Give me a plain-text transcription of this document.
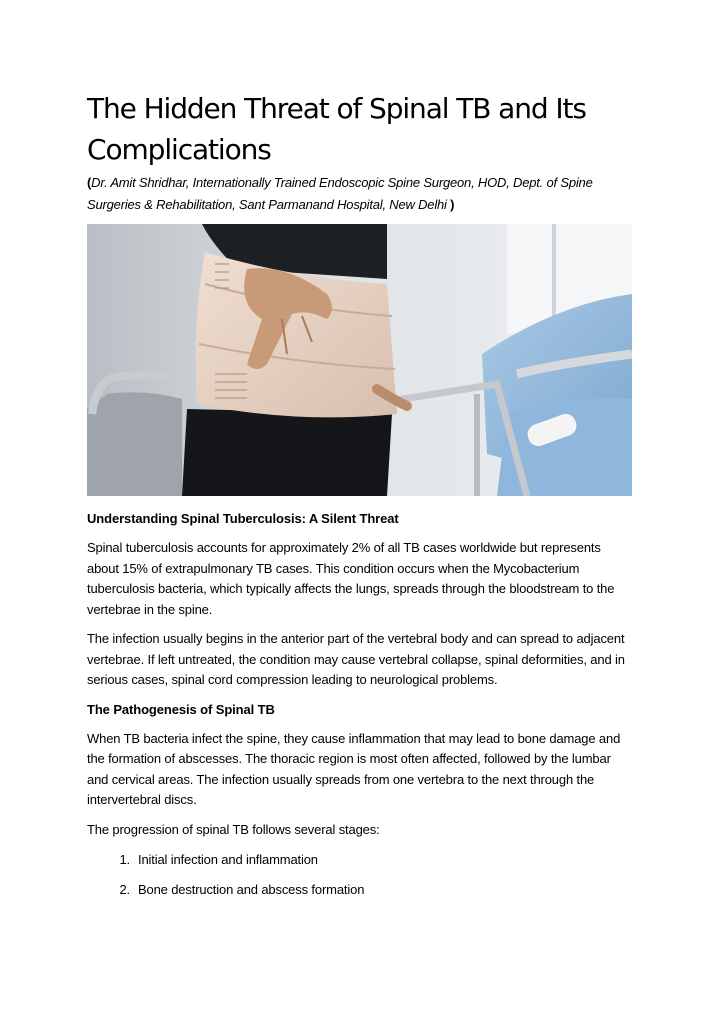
The Hidden Threat of Spinal TB and Its Complications

(Dr. Amit Shridhar, Internationally Trained Endoscopic Spine Surgeon, HOD, Dept. of Spine Surgeries & Rehabilitation, Sant Parmanand Hospital, New Delhi )

Understanding Spinal Tuberculosis: A Silent Threat

Spinal tuberculosis accounts for approximately 2% of all TB cases worldwide but represents about 15% of extrapulmonary TB cases. This condition occurs when the Mycobacterium tuberculosis bacteria, which typically affects the lungs, spreads through the bloodstream to the vertebrae in the spine.

The infection usually begins in the anterior part of the vertebral body and can spread to adjacent vertebrae. If left untreated, the condition may cause vertebral collapse, spinal deformities, and in serious cases, spinal cord compression leading to neurological problems.

The Pathogenesis of Spinal TB

When TB bacteria infect the spine, they cause inflammation that may lead to bone damage and the formation of abscesses. The thoracic region is most often affected, followed by the lumbar and cervical areas. The infection usually spreads from one vertebra to the next through the intervertebral discs.

The progression of spinal TB follows several stages:

1. Initial infection and inflammation
2. Bone destruction and abscess formation
